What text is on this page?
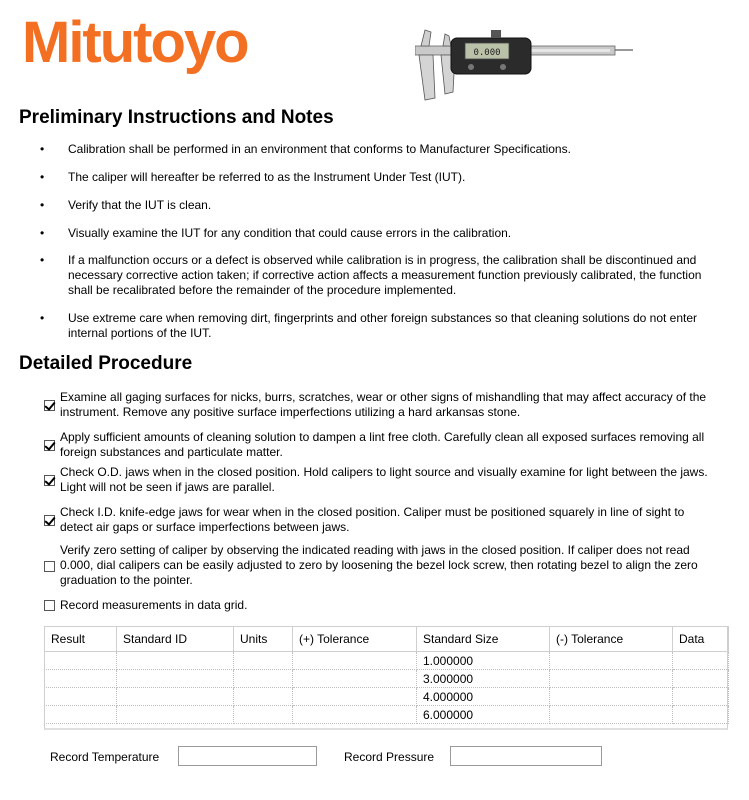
Mitutoyo	0.000
Preliminary Instructions and Notes
• Calibration shall be performed in an environment that conforms to Manufacturer Specifications.
• The caliper will hereafter be referred to as the Instrument Under Test (IUT).
• Verify that the IUT is clean.
• Visually examine the IUT for any condition that could cause errors in the calibration.
• If a malfunction occurs or a defect is observed while calibration is in progress, the calibration shall be discontinued and necessary corrective action taken; if corrective action affects a measurement function previously calibrated, the function shall be recalibrated before the remainder of the procedure implemented.
• Use extreme care when removing dirt, fingerprints and other foreign substances so that cleaning solutions do not enter internal portions of the IUT.
Detailed Procedure
Examine all gaging surfaces for nicks, burrs, scratches, wear or other signs of mishandling that may affect accuracy of the instrument. Remove any positive surface imperfections utilizing a hard arkansas stone.
Apply sufficient amounts of cleaning solution to dampen a lint free cloth. Carefully clean all exposed surfaces removing all foreign substances and particulate matter.
Check O.D. jaws when in the closed position. Hold calipers to light source and visually examine for light between the jaws. Light will not be seen if jaws are parallel.
Check I.D. knife-edge jaws for wear when in the closed position. Caliper must be positioned squarely in line of sight to detect air gaps or surface imperfections between jaws.
Verify zero setting of caliper by observing the indicated reading with jaws in the closed position. If caliper does not read 0.000, dial calipers can be easily adjusted to zero by loosening the bezel lock screw, then rotating bezel to align the zero graduation to the pointer.
Record measurements in data grid.
Result	Standard ID	Units	(+) Tolerance	Standard Size	(-) Tolerance	Data
				1.000000		
				3.000000		
				4.000000		
				6.000000		
Record Temperature	Record Pressure
